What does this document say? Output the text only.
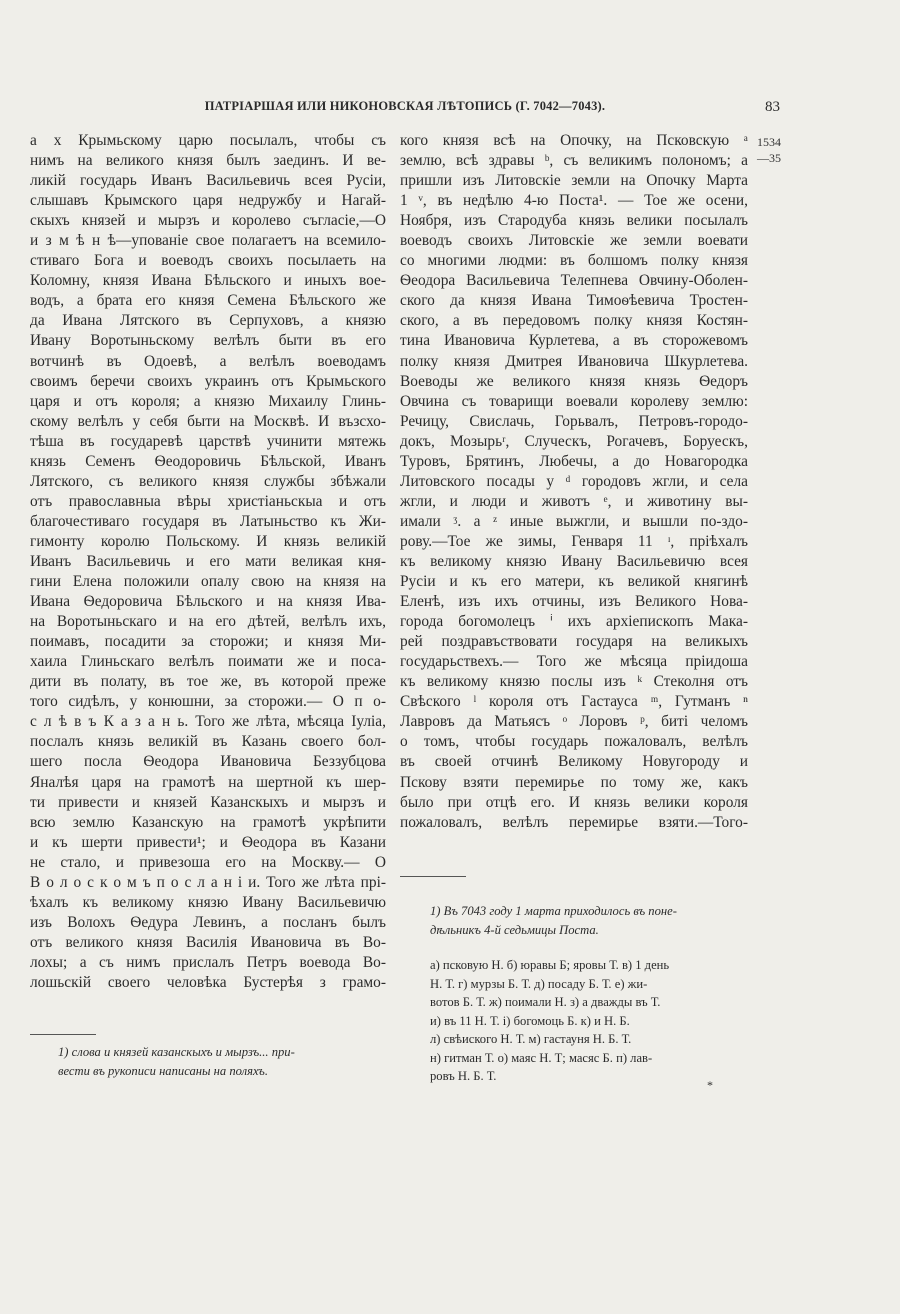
ПАТРІАРШАЯ ИЛИ НИКОНОВСКАЯ ЛѢТОПИСЬ (Г. 7042—7043).	83
1534
—35
а х Крымьскому царю посылалъ, чтобы съ
нимъ на великого князя былъ заединъ. И ве-
ликій государь Иванъ Васильевичь всея Русіи,
слышавъ Крымского царя недружбу и Нагай-
скыхъ князей и мырзъ и королево съгласіе,—О
и з м ѣ н ѣ—упованіе свое полагаетъ на всемило-
стиваго Бога и воеводъ своихъ посылаеть на
Коломну, князя Ивана Бѣльского и иныхъ вое-
водъ, а брата его князя Семена Бѣльского же
да Ивана Лятского въ Серпуховъ, а князю
Ивану Воротыньскому велѣлъ быти въ его
вотчинѣ въ Одоевѣ, а велѣлъ воеводамъ
своимъ беречи своихъ украинъ отъ Крымьского
царя и отъ короля; а князю Михаилу Глинь-
скому велѣлъ у себя быти на Москвѣ. И възсхо-
тѣша въ государевѣ царствѣ учинити мятежь
князь Семенъ Ѳеодоровичь Бѣльской, Иванъ
Лятского, съ великого князя службы збѣжали
отъ православныа вѣры христіаньскыа и отъ
благочестиваго государя въ Латыньство къ Жи-
гимонту королю Польскому. И князь великій
Иванъ Васильевичь и его мати великая кня-
гини Елена положили опалу свою на князя на
Ивана Ѳедоровича Бѣльского и на князя Ива-
на Воротыньскаго и на его дѣтей, велѣлъ ихъ,
поимавъ, посадити за сторожи; и князя Ми-
хаила Глиньскаго велѣлъ поимати же и поса-
дити въ полату, въ тое же, въ которой преже
того сидѣлъ, у конюшни, за сторожи.— О п о-
с л ѣ в ъ К а з а н ь. Того же лѣта, мѣсяца Іуліа,
послалъ князь великій въ Казань своего бол-
шего посла Ѳеодора Ивановича Беззубцова
Яналѣя царя на грамотѣ на шертной къ шер-
ти привести и князей Казанскыхъ и мырзъ и
всю землю Казанскую на грамотѣ укрѣпити
и къ шерти привести¹; и Ѳеодора въ Казани
не стало, и привезоша его на Москву.— О
В о л о с к о м ъ п о с л а н і и. Того же лѣта прі-
ѣхалъ къ великому князю Ивану Васильевичю
изъ Волохъ Ѳедура Левинъ, а посланъ былъ
отъ великого князя Василія Ивановича въ Во-
лохы; а съ нимъ прислалъ Петръ воевода Во-
лошьскій своего человѣка Бустерѣя з грамо-
кого князя всѣ на Опочку, на Псковскую ᵃ
землю, всѣ здравы ᵇ, съ великимъ полономъ; а
пришли изъ Литовскіе земли на Опочку Марта
1 ᵛ, въ недѣлю 4-ю Поста¹. — Тое же осени,
Ноября, изъ Стародуба князь велики посылалъ
воеводъ своихъ Литовскіе же земли воевати
со многими людми: въ болшомъ полку князя
Ѳеодора Васильевича Телепнева Овчину-Оболен-
ского да князя Ивана Тимоѳѣевича Тростен-
ского, а въ передовомъ полку князя Костян-
тина Ивановича Курлетева, а въ сторожевомъ
полку князя Дмитрея Ивановича Шкурлетева.
Воеводы же великого князя князь Ѳедоръ
Овчина съ товарищи воевали королеву землю:
Речицу, Свислачь, Горьвалъ, Петровъ-городо-
докъ, Мозырьʳ, Случескъ, Рогачевъ, Боруескъ,
Туровъ, Брятинъ, Любечы, а до Новагородка
Литовского посады у ᵈ городовъ жгли, и села
жгли, и люди и животъ ᵉ, и животину вы-
имали ᶾ. а ᶻ иные выжгли, и вышли по-здо-
рову.—Тое же зимы, Генваря 11 ᶦ, пріѣхалъ
къ великому князю Ивану Васильевичю всея
Русіи и къ его матери, къ великой княгинѣ
Еленѣ, изъ ихъ отчины, изъ Великого Нова-
города богомолецъ ⁱ ихъ архіепископъ Мака-
рей поздравъствовати государя на великыхъ
государьствехъ.— Того же мѣсяца пріидоша
къ великому князю послы изъ ᵏ Стеколня отъ
Свѣского ˡ короля отъ Гастауса ᵐ, Гутманъ ⁿ
Лавровъ да Матьясъ ᵒ Лоровъ ᵖ, биті челомъ
о томъ, чтобы государь пожаловалъ, велѣлъ
въ своей отчинѣ Великому Новугороду и
Пскову взяти перемирье по тому же, какъ
было при отцѣ его. И князь велики короля
пожаловалъ, велѣлъ перемирье взяти.—Того-
1) слова и князей казанскыхъ и мырзъ... при-
вести въ рукописи написаны на поляхъ.
1) Въ 7043 году 1 марта приходилось въ поне-
дѣльникъ 4-й седьмицы Поста.
а) псковую Н. б) юравы Б; яровы Т. в) 1 день
Н. Т. г) мурзы Б. Т. д) посаду Б. Т. е) жи-
вотов Б. Т. ж) поимали Н. з) а дважды въ Т.
и) въ 11 Н. Т. і) богомоць Б. к) и Н. Б.
л) свѣиского Н. Т. м) гастауня Н. Б. Т.
н) гитман Т. о) маяс Н. Т; масяс Б. п) лав-
ровъ Н. Б. Т.
*
